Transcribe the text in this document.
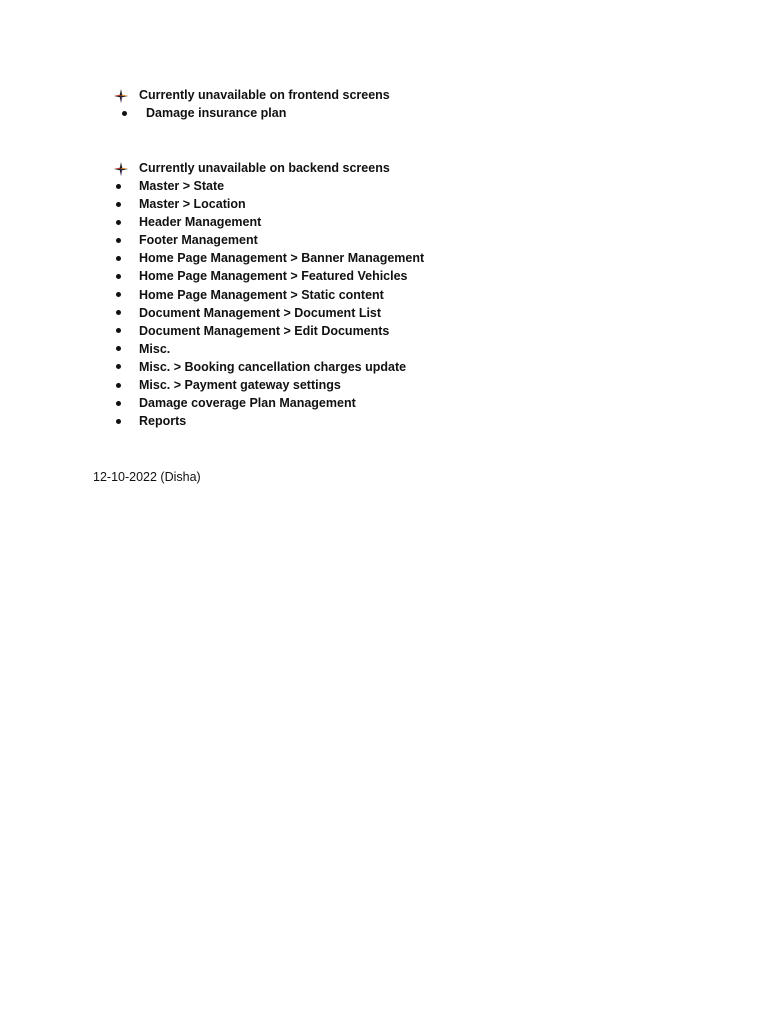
Currently unavailable on frontend screens
Damage insurance plan
Currently unavailable on backend screens
Master > State
Master > Location
Header Management
Footer Management
Home Page Management > Banner Management
Home Page Management > Featured Vehicles
Home Page Management > Static content
Document Management > Document List
Document Management > Edit Documents
Misc.
Misc. > Booking cancellation charges update
Misc. > Payment gateway settings
Damage coverage Plan Management
Reports
12-10-2022 (Disha)
